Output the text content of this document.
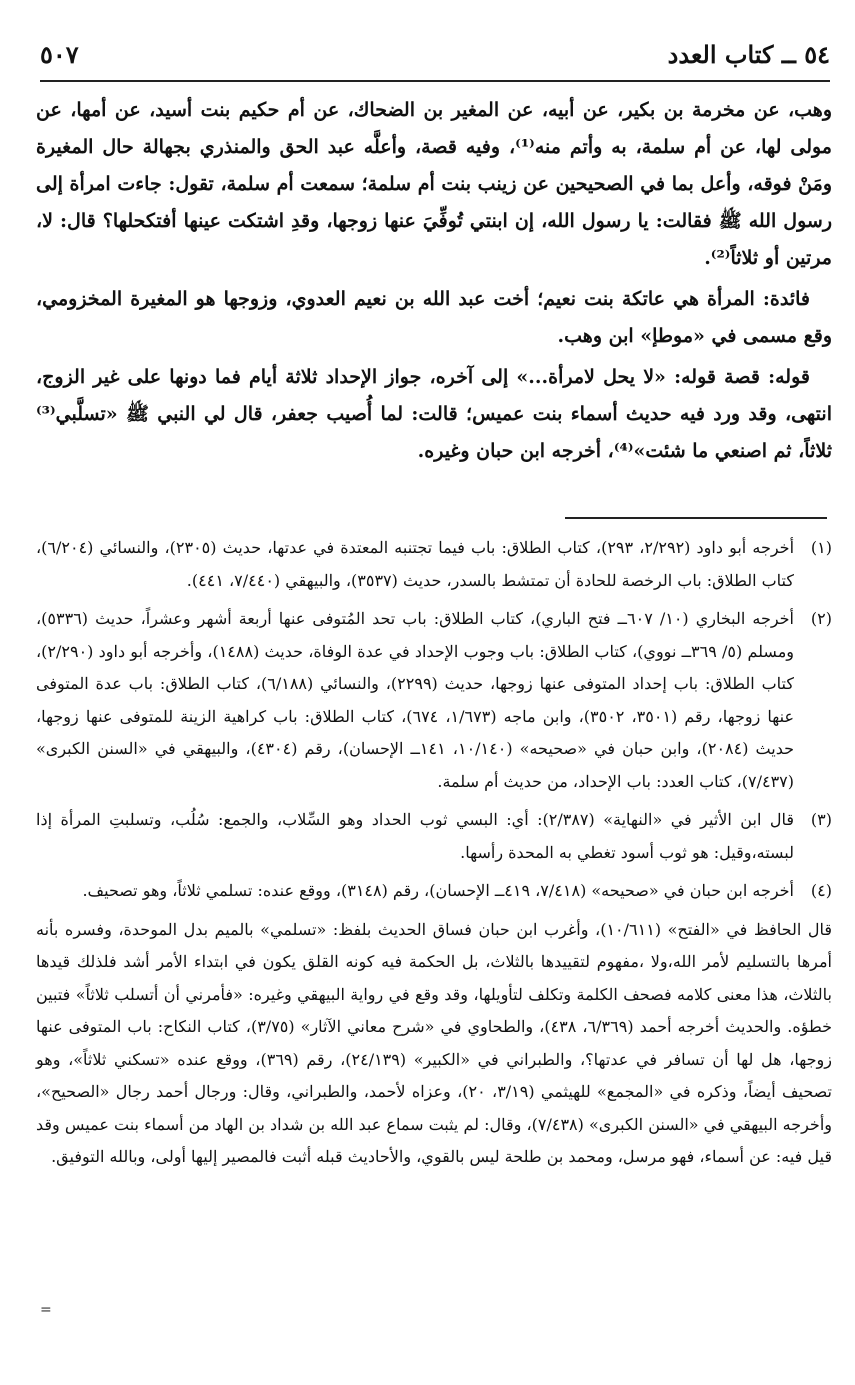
٥٤ ــ كتاب العدد
٥٠٧

وهب، عن مخرمة بن بكير، عن أبيه، عن المغير بن الضحاك، عن أم حكيم بنت أسيد، عن أمها، عن مولى لها، عن أم سلمة، به وأتم منه⁽¹⁾، وفيه قصة، وأعلَّه عبد الحق والمنذري بجهالة حال المغيرة ومَنْ فوقه، وأعل بما في الصحيحين عن زينب بنت أم سلمة؛ سمعت أم سلمة، تقول: جاءت امرأة إلى رسول الله ﷺ فقالت: يا رسول الله، إن ابنتي تُوفِّيَ عنها زوجها، وقدِ اشتكت عينها أفتكحلها؟ قال: لا، مرتين أو ثلاثاً⁽²⁾.

فائدة: المرأة هي عاتكة بنت نعيم؛ أخت عبد الله بن نعيم العدوي، وزوجها هو المغيرة المخزومي، وقع مسمى في «موطإ» ابن وهب.

قوله: قصة قوله: «لا يحل لامرأة...» إلى آخره، جواز الإحداد ثلاثة أيام فما دونها على غير الزوج، انتهى، وقد ورد فيه حديث أسماء بنت عميس؛ قالت: لما أُصيب جعفر، قال لي النبي ﷺ «تسلَّبي⁽³⁾ ثلاثاً، ثم اصنعي ما شئت»⁽⁴⁾، أخرجه ابن حبان وغيره.

(١)
أخرجه أبو داود (٢/٢٩٢، ٢٩٣)، كتاب الطلاق: باب فيما تجتنبه المعتدة في عدتها، حديث (٢٣٠٥)، والنسائي (٦/٢٠٤)، كتاب الطلاق: باب الرخصة للحادة أن تمتشط بالسدر، حديث (٣٥٣٧)، والبيهقي (٧/٤٤٠، ٤٤١).
(٢)
أخرجه البخاري (١٠/ ٦٠٧ــ فتح الباري)، كتاب الطلاق: باب تحد المُتوفى عنها أربعة أشهر وعشراً، حديث (٥٣٣٦)، ومسلم (٥/ ٣٦٩ــ نووي)، كتاب الطلاق: باب وجوب الإحداد في عدة الوفاة، حديث (١٤٨٨)، وأخرجه أبو داود (٢/٢٩٠)، كتاب الطلاق: باب إحداد المتوفى عنها زوجها، حديث (٢٢٩٩)، والنسائي (٦/١٨٨)، كتاب الطلاق: باب عدة المتوفى عنها زوجها، رقم (٣٥٠١، ٣٥٠٢)، وابن ماجه (١/٦٧٣، ٦٧٤)، كتاب الطلاق: باب كراهية الزينة للمتوفى عنها زوجها، حديث (٢٠٨٤)، وابن حبان في «صحيحه» (١٠/١٤٠، ١٤١ــ الإحسان)، رقم (٤٣٠٤)، والبيهقي في «السنن الكبرى» (٧/٤٣٧)، كتاب العدد: باب الإحداد، من حديث أم سلمة.
(٣)
قال ابن الأثير في «النهاية» (٢/٣٨٧): أي: البسي ثوب الحداد وهو السِّلاب، والجمع: سُلُب، وتسلبتِ المرأة إذا لبسته،وقيل: هو ثوب أسود تغطي به المحدة رأسها.
(٤)
أخرجه ابن حبان في «صحيحه» (٧/٤١٨، ٤١٩ــ الإحسان)، رقم (٣١٤٨)، ووقع عنده: تسلمي ثلاثاً، وهو تصحيف.
قال الحافظ في «الفتح» (١٠/٦١١)، وأغرب ابن حبان فساق الحديث بلفظ: «تسلمي» بالميم بدل الموحدة، وفسره بأنه أمرها بالتسليم لأمر الله،ولا ،مفهوم لتقييدها بالثلاث، بل الحكمة فيه كونه القلق يكون في ابتداء الأمر أشد فلذلك قيدها بالثلاث، هذا معنى كلامه فصحف الكلمة وتكلف لتأويلها، وقد وقع في رواية البيهقي وغيره: «فأمرني أن أتسلب ثلاثاً» فتبين خطؤه. والحديث أخرجه أحمد (٦/٣٦٩، ٤٣٨)، والطحاوي في «شرح معاني الآثار» (٣/٧٥)، كتاب النكاح: باب المتوفى عنها زوجها، هل لها أن تسافر في عدتها؟، والطبراني في «الكبير» (٢٤/١٣٩)، رقم (٣٦٩)، ووقع عنده «تسكني ثلاثاً»، وهو تصحيف أيضاً، وذكره في «المجمع» للهيثمي (٣/١٩، ٢٠)، وعزاه لأحمد، والطبراني، وقال: ورجال أحمد رجال «الصحيح»، وأخرجه البيهقي في «السنن الكبرى» (٧/٤٣٨)، وقال: لم يثبت سماع عبد الله بن شداد بن الهاد من أسماء بنت عميس وقد قيل فيه: عن أسماء، فهو مرسل، ومحمد بن طلحة ليس بالقوي، والأحاديث قبله أثبت فالمصير إليها أولى، وبالله التوفيق.
=
